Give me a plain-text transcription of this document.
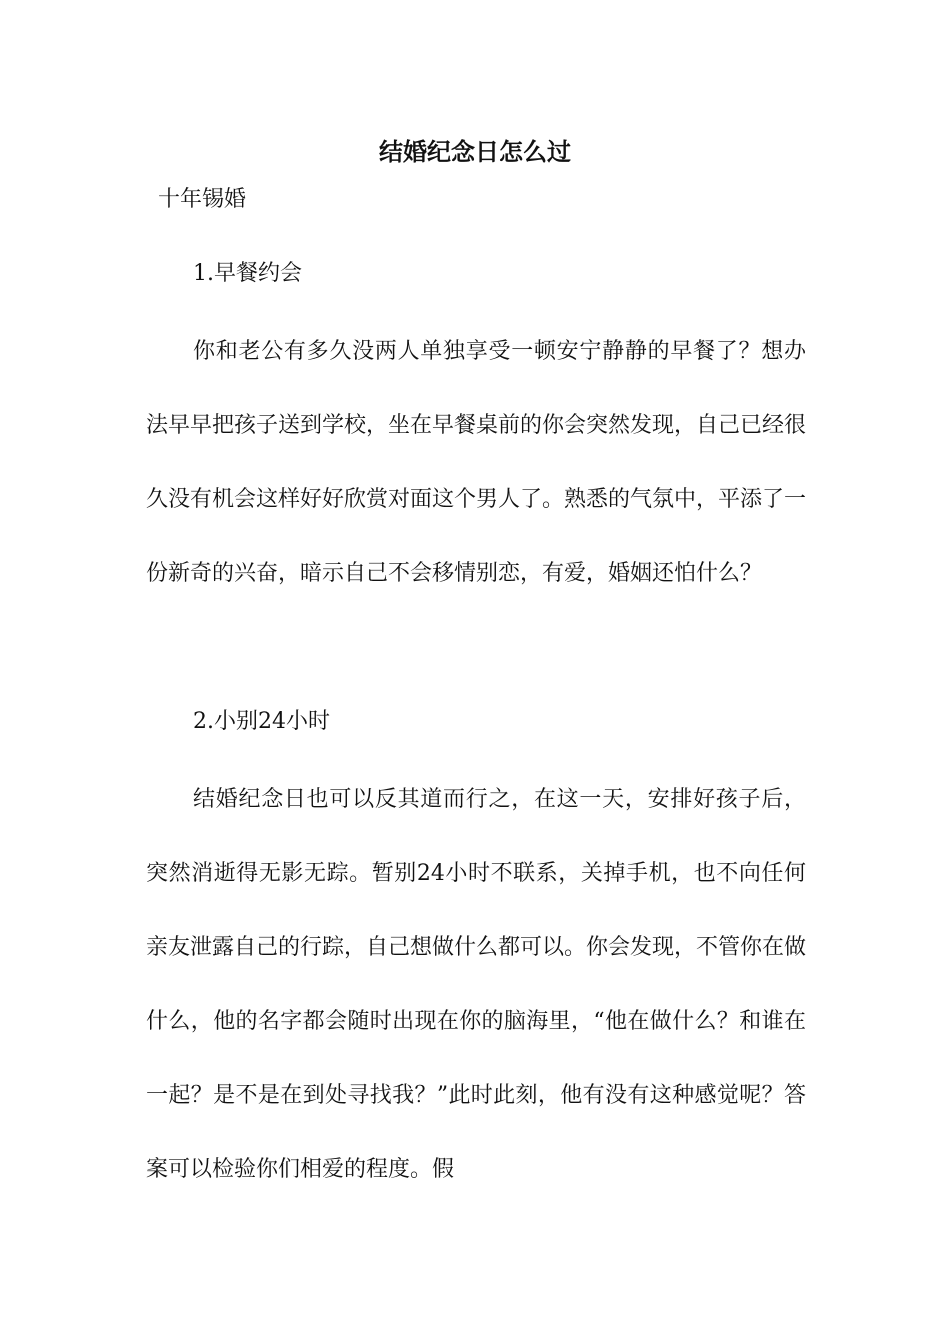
结婚纪念日怎么过
十年锡婚
1.早餐约会

你和老公有多久没两人单独享受一顿安宁静静的早餐了？想办法早早把孩子送到学校，坐在早餐桌前的你会突然发现，自己已经很久没有机会这样好好欣赏对面这个男人了。熟悉的气氛中，平添了一份新奇的兴奋，暗示自己不会移情别恋，有爱，婚姻还怕什么？

2.小别24小时

结婚纪念日也可以反其道而行之，在这一天，安排好孩子后，突然消逝得无影无踪。暂别24小时不联系，关掉手机，也不向任何亲友泄露自己的行踪，自己想做什么都可以。你会发现，不管你在做什么，他的名字都会随时出现在你的脑海里，“他在做什么？和谁在一起？是不是在到处寻找我？”此时此刻，他有没有这种感觉呢？答案可以检验你们相爱的程度。假
